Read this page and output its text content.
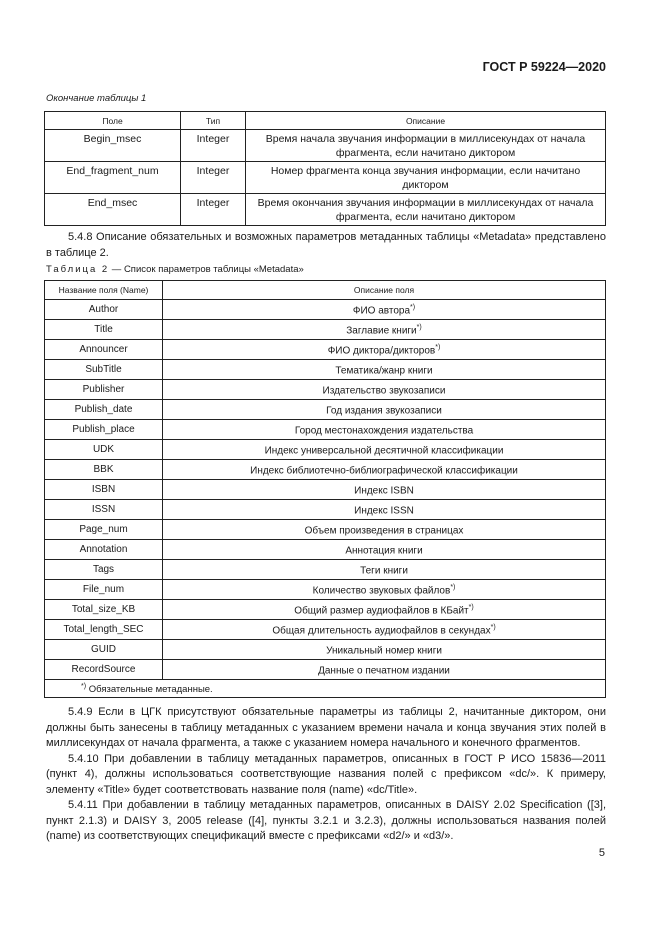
ГОСТ Р 59224—2020
Окончание таблицы 1
Поле	Тип	Описание
Begin_msec	Integer	Время начала звучания информации в миллисекундах от начала фрагмента, если начитано диктором
End_fragment_num	Integer	Номер фрагмента конца звучания информации, если начитано диктором
End_msec	Integer	Время окончания звучания информации в миллисекундах от начала фрагмента, если начитано диктором
5.4.8 Описание обязательных и возможных параметров метаданных таблицы «Metadata» представлено в таблице 2.
Таблица 2 — Список параметров таблицы «Metadata»
Название поля (Name)	Описание поля
Author	ФИО автора*)
Title	Заглавие книги*)
Announcer	ФИО диктора/дикторов*)
SubTitle	Тематика/жанр книги
Publisher	Издательство звукозаписи
Publish_date	Год издания звукозаписи
Publish_place	Город местонахождения издательства
UDK	Индекс универсальной десятичной классификации
BBK	Индекс библиотечно-библиографической классификации
ISBN	Индекс ISBN
ISSN	Индекс ISSN
Page_num	Объем произведения в страницах
Annotation	Аннотация книги
Tags	Теги книги
File_num	Количество звуковых файлов*)
Total_size_KB	Общий размер аудиофайлов в КБайт*)
Total_length_SEC	Общая длительность аудиофайлов в секундах*)
GUID	Уникальный номер книги
RecordSource	Данные о печатном издании
*) Обязательные метаданные.	
5.4.9 Если в ЦГК присутствуют обязательные параметры из таблицы 2, начитанные диктором, они должны быть занесены в таблицу метаданных с указанием времени начала и конца звучания этих полей в миллисекундах от начала фрагмента, а также с указанием номера начального и конечного фрагментов.
5.4.10 При добавлении в таблицу метаданных параметров, описанных в ГОСТ Р ИСО 15836—2011 (пункт 4), должны использоваться соответствующие названия полей с префиксом «dc/». К примеру, элементу «Title» будет соответствовать название поля (name) «dc/Title».
5.4.11 При добавлении в таблицу метаданных параметров, описанных в DAISY 2.02 Specification ([3], пункт 2.1.3) и DAISY 3, 2005 release ([4], пункты 3.2.1 и 3.2.3), должны использоваться названия полей (name) из соответствующих спецификаций вместе с префиксами «d2/» и «d3/».
5
